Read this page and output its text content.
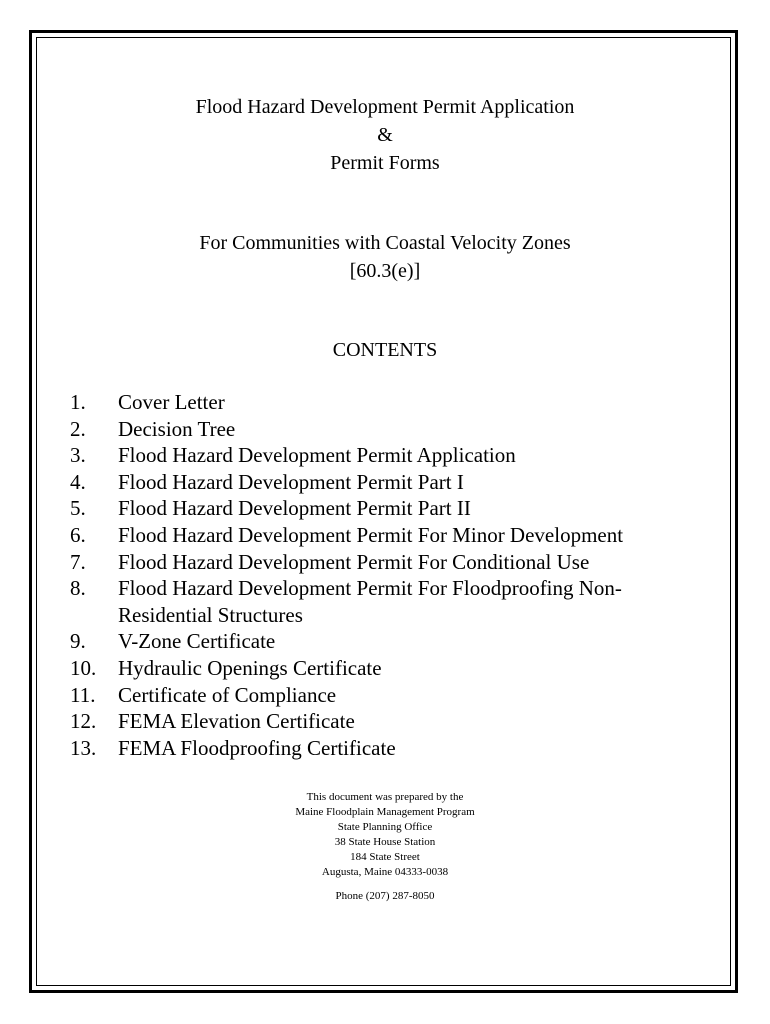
Flood Hazard Development Permit Application
&
Permit Forms
For Communities with Coastal Velocity Zones
[60.3(e)]
CONTENTS
1.	Cover Letter
2.	Decision Tree
3.	Flood Hazard Development Permit Application
4.	Flood Hazard Development Permit Part I
5.	Flood Hazard Development Permit Part II
6.	Flood Hazard Development Permit For Minor Development
7.	Flood Hazard Development Permit For Conditional Use
8.	Flood Hazard Development Permit For Floodproofing Non-Residential Structures
9.	V-Zone Certificate
10.	Hydraulic Openings Certificate
11.	Certificate of Compliance
12.	FEMA Elevation Certificate
13.	FEMA Floodproofing Certificate
This document was prepared by the
Maine Floodplain Management Program
State Planning Office
38 State House Station
184 State Street
Augusta, Maine 04333-0038
Phone (207) 287-8050
